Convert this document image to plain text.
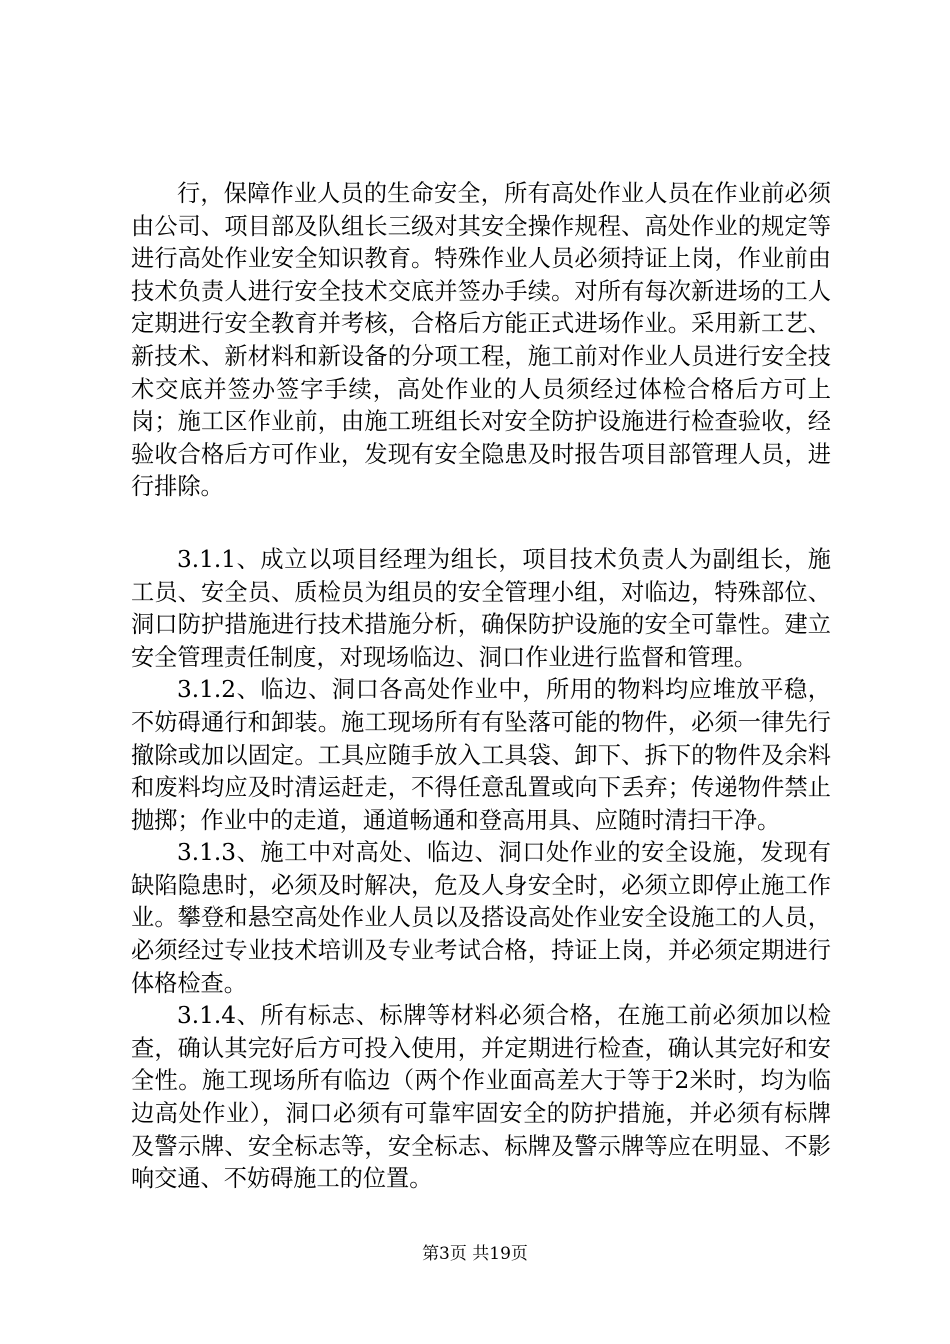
行，保障作业人员的生命安全，所有高处作业人员在作业前必须由公司、项目部及队组长三级对其安全操作规程、高处作业的规定等进行高处作业安全知识教育。特殊作业人员必须持证上岗，作业前由技术负责人进行安全技术交底并签办手续。对所有每次新进场的工人定期进行安全教育并考核，合格后方能正式进场作业。采用新工艺、新技术、新材料和新设备的分项工程，施工前对作业人员进行安全技术交底并签办签字手续，高处作业的人员须经过体检合格后方可上岗；施工区作业前，由施工班组长对安全防护设施进行检查验收，经验收合格后方可作业，发现有安全隐患及时报告项目部管理人员，进行排除。

3.1.1、成立以项目经理为组长，项目技术负责人为副组长，施工员、安全员、质检员为组员的安全管理小组，对临边，特殊部位、洞口防护措施进行技术措施分析，确保防护设施的安全可靠性。建立安全管理责任制度，对现场临边、洞口作业进行监督和管理。

3.1.2、临边、洞口各高处作业中，所用的物料均应堆放平稳，不妨碍通行和卸装。施工现场所有有坠落可能的物件，必须一律先行撤除或加以固定。工具应随手放入工具袋、卸下、拆下的物件及余料和废料均应及时清运赶走，不得任意乱置或向下丢弃；传递物件禁止抛掷；作业中的走道，通道畅通和登高用具、应随时清扫干净。

3.1.3、施工中对高处、临边、洞口处作业的安全设施，发现有缺陷隐患时，必须及时解决，危及人身安全时，必须立即停止施工作业。攀登和悬空高处作业人员以及搭设高处作业安全设施工的人员，必须经过专业技术培训及专业考试合格，持证上岗，并必须定期进行体格检查。

3.1.4、所有标志、标牌等材料必须合格，在施工前必须加以检查，确认其完好后方可投入使用，并定期进行检查，确认其完好和安全性。施工现场所有临边（两个作业面高差大于等于2米时，均为临边高处作业），洞口必须有可靠牢固安全的防护措施，并必须有标牌及警示牌、安全标志等，安全标志、标牌及警示牌等应在明显、不影响交通、不妨碍施工的位置。

第3页 共19页
